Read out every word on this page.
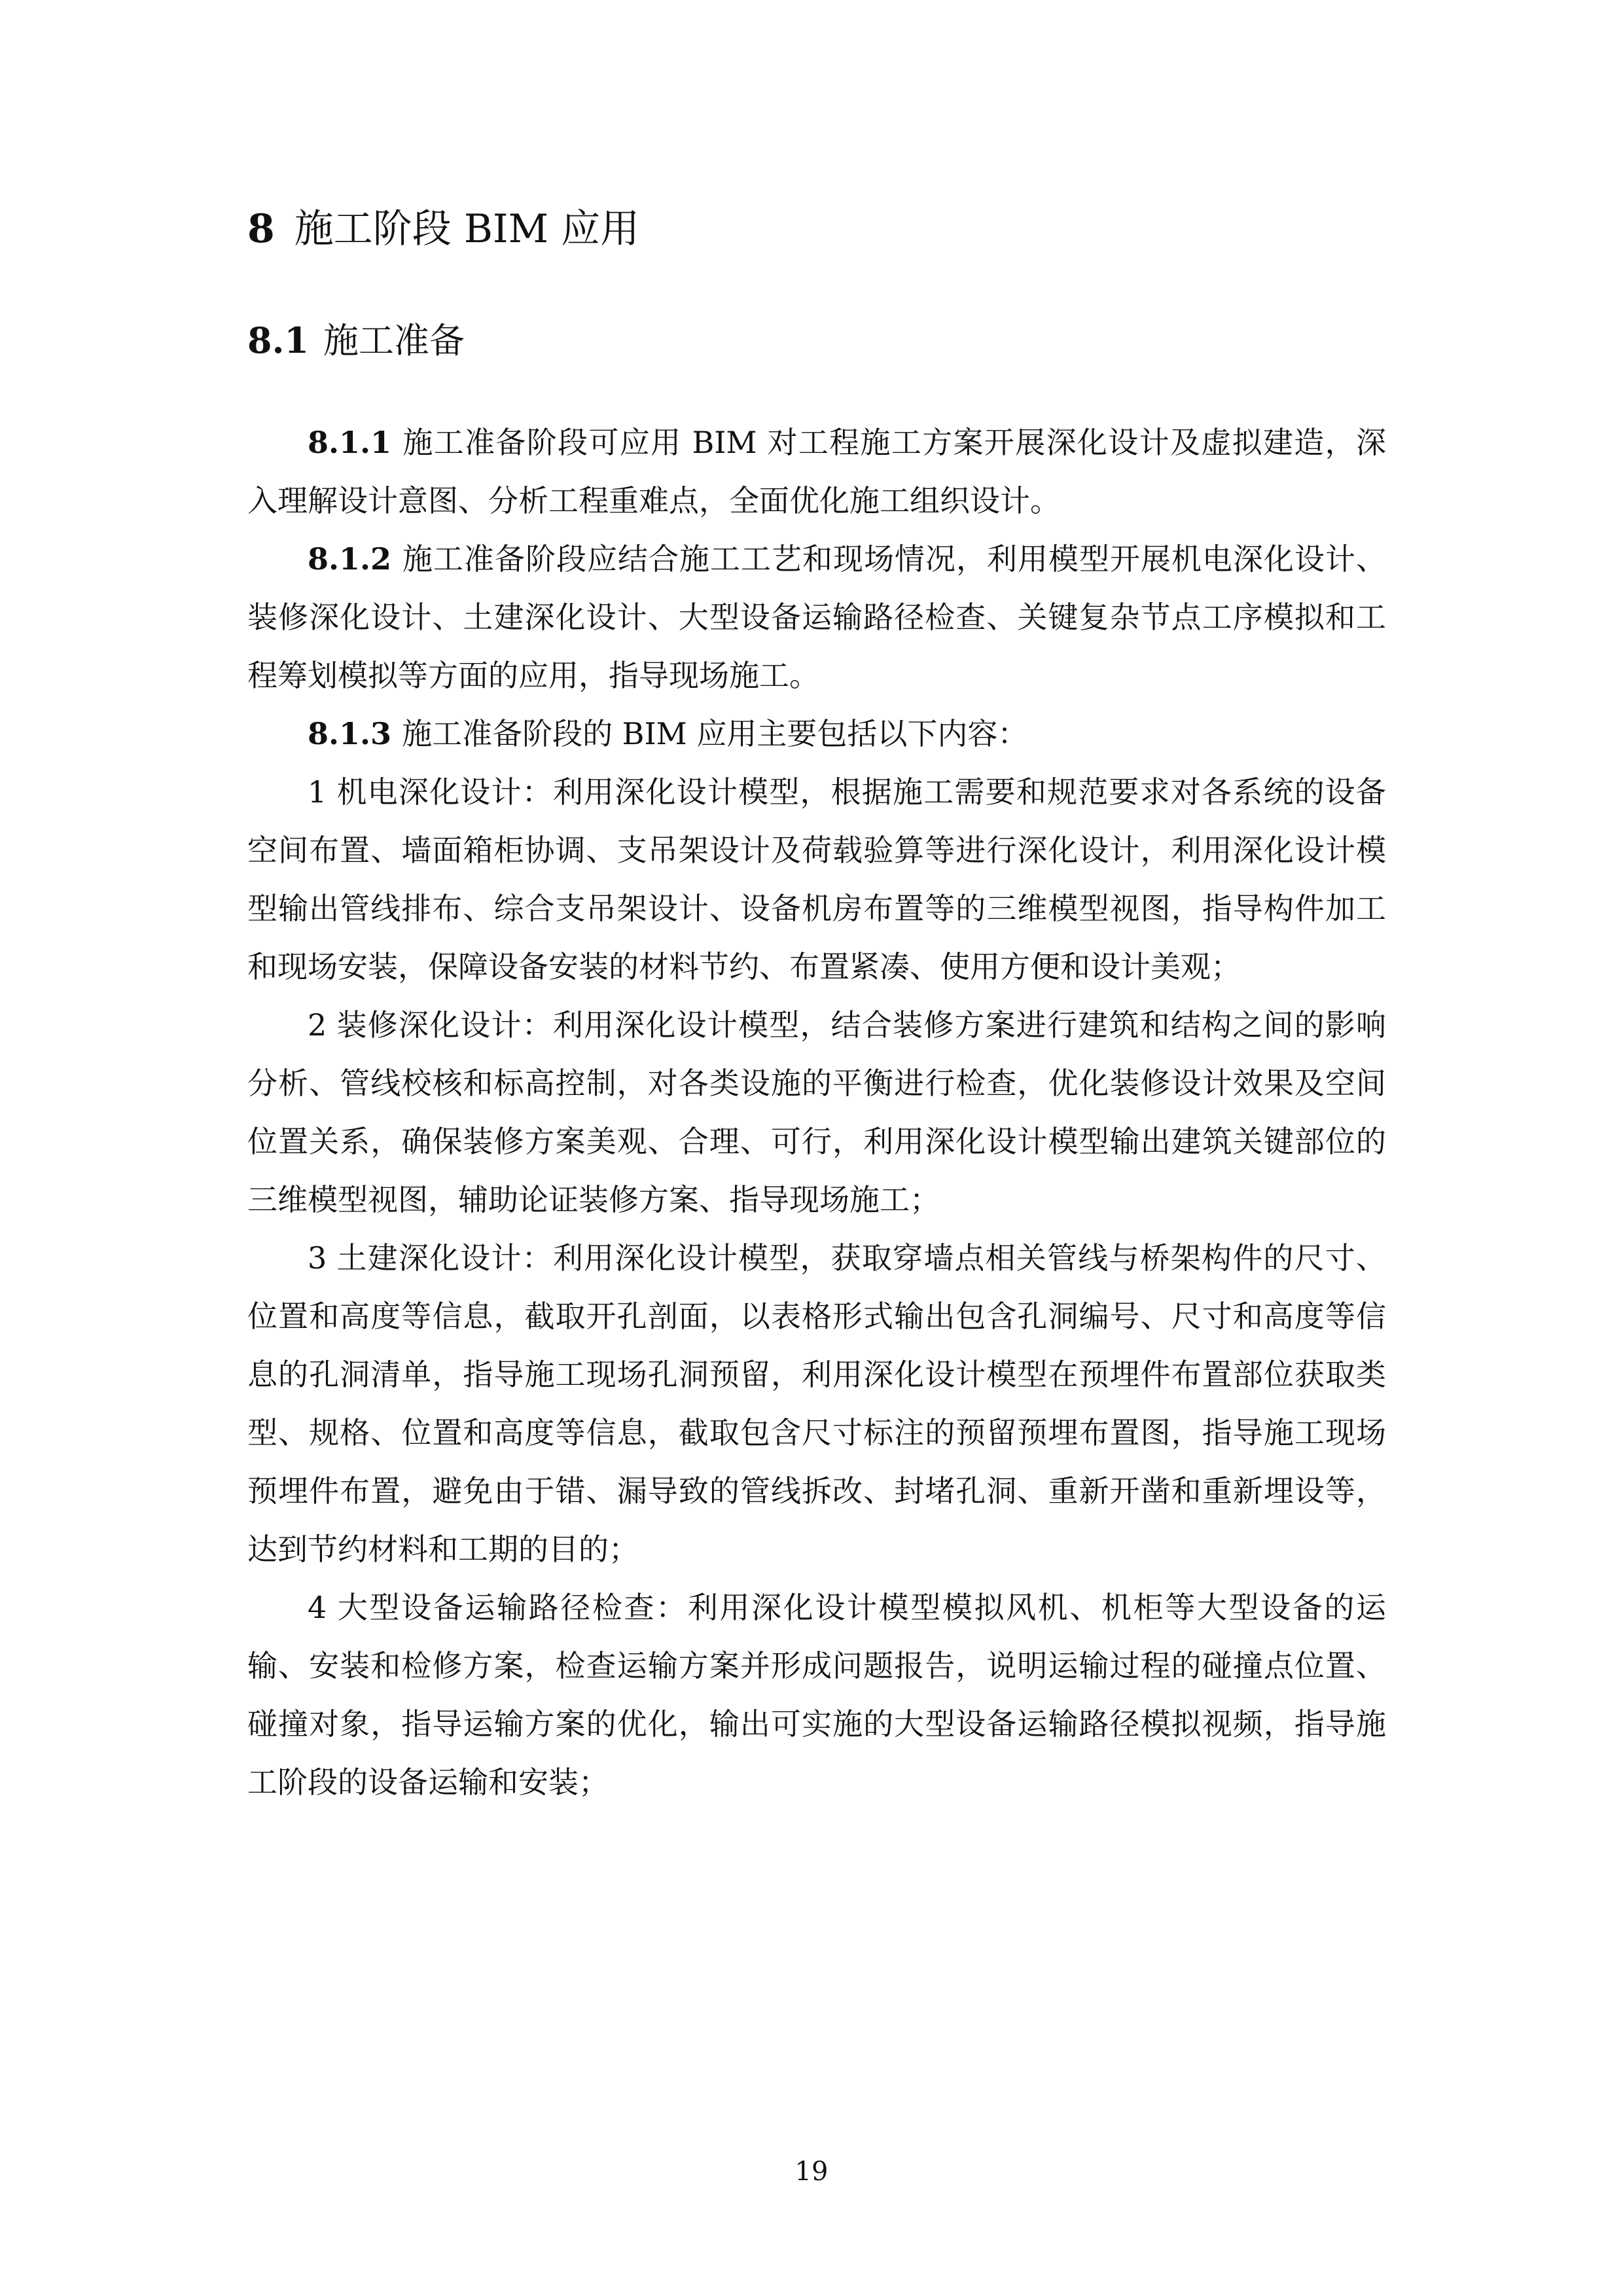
8 施工阶段 BIM 应用
8.1 施工准备

8.1.1 施工准备阶段可应用 BIM 对工程施工方案开展深化设计及虚拟建造，深入理解设计意图、分析工程重难点，全面优化施工组织设计。

8.1.2 施工准备阶段应结合施工工艺和现场情况，利用模型开展机电深化设计、装修深化设计、土建深化设计、大型设备运输路径检查、关键复杂节点工序模拟和工程筹划模拟等方面的应用，指导现场施工。

8.1.3 施工准备阶段的 BIM 应用主要包括以下内容：

1 机电深化设计：利用深化设计模型，根据施工需要和规范要求对各系统的设备空间布置、墙面箱柜协调、支吊架设计及荷载验算等进行深化设计，利用深化设计模型输出管线排布、综合支吊架设计、设备机房布置等的三维模型视图，指导构件加工和现场安装，保障设备安装的材料节约、布置紧凑、使用方便和设计美观；

2 装修深化设计：利用深化设计模型，结合装修方案进行建筑和结构之间的影响分析、管线校核和标高控制，对各类设施的平衡进行检查，优化装修设计效果及空间位置关系，确保装修方案美观、合理、可行，利用深化设计模型输出建筑关键部位的三维模型视图，辅助论证装修方案、指导现场施工；

3 土建深化设计：利用深化设计模型，获取穿墙点相关管线与桥架构件的尺寸、位置和高度等信息，截取开孔剖面，以表格形式输出包含孔洞编号、尺寸和高度等信息的孔洞清单，指导施工现场孔洞预留，利用深化设计模型在预埋件布置部位获取类型、规格、位置和高度等信息，截取包含尺寸标注的预留预埋布置图，指导施工现场预埋件布置，避免由于错、漏导致的管线拆改、封堵孔洞、重新开凿和重新埋设等，达到节约材料和工期的目的；

4 大型设备运输路径检查：利用深化设计模型模拟风机、机柜等大型设备的运输、安装和检修方案，检查运输方案并形成问题报告，说明运输过程的碰撞点位置、碰撞对象，指导运输方案的优化，输出可实施的大型设备运输路径模拟视频，指导施工阶段的设备运输和安装；

19
